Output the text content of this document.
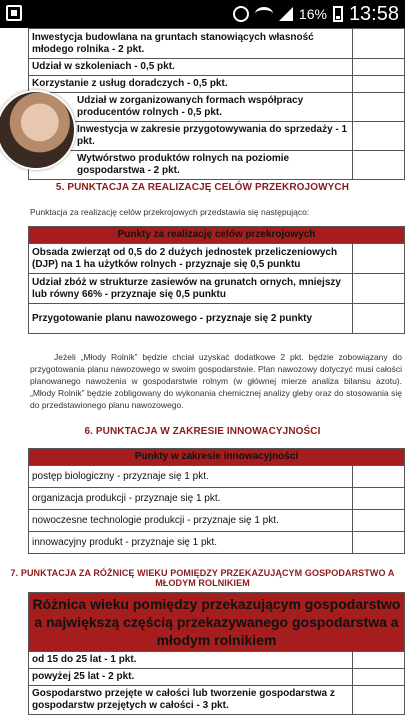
16% 13:58
Inwestycja budowlana na gruntach stanowiących własność młodego rolnika - 2 pkt.	
Udział w szkoleniach - 0,5 pkt.	
Korzystanie z usług doradczych - 0,5 pkt.	
Udział w zorganizowanych formach współpracy producentów rolnych - 0,5 pkt.	
Inwestycja w zakresie przygotowywania do sprzedaży - 1 pkt.	
Wytwórstwo produktów rolnych na poziomie gospodarstwa - 2 pkt.	
5. PUNKTACJA ZA REALIZACJĘ CELÓW PRZEKROJOWYCH
Punktacja za realizację celów przekrojowych przedstawia się następująco:
Punkty za realizację celów przekrojowych	
Obsada zwierząt od 0,5 do 2 dużych jednostek przeliczeniowych (DJP) na 1 ha użytków rolnych - przyznaje się 0,5 punktu	
Udział zbóż w strukturze zasiewów na grunatch ornych, mniejszy lub równy 66% - przyznaje się 0,5 punktu	
Przygotowanie planu nawozowego - przyznaje się 2 punkty	
Jeżeli „Młody Rolnik” będzie chciał uzyskać dodatkowe 2 pkt. będzie zobowiązany do przygotowania planu nawozowego w swoim gospodarstwie. Plan nawozowy dotyczyć musi całości planowanego nawożenia w gospodarstwie rolnym (w głównej mierze analiza bilansu azotu). „Młody Rolnik” będzie zobligowany do wykonania chemicznej analizy gleby oraz do stosowania się do przedstawionego planu nawozowego.
6. PUNKTACJA W ZAKRESIE INNOWACYJNOŚCI
Punkty w zakresie innowacyjności	
postęp biologiczny - przyznaje się 1 pkt.	
organizacja produkcji - przyznaje się 1 pkt.	
nowoczesne technologie produkcji - przyznaje się 1 pkt.	
innowacyjny produkt - przyznaje się 1 pkt.	
7. PUNKTACJA ZA RÓŻNICĘ WIEKU POMIĘDZY PRZEKAZUJĄCYM GOSPODARSTWO A MŁODYM ROLNIKIEM
Różnica wieku pomiędzy przekazującym gospodarstwo a największą częścią przekazywanego gospodarstwa a młodym rolnikiem	
od 15 do 25 lat - 1 pkt.	
powyżej 25 lat - 2 pkt.	
Gospodarstwo przejęte w całości lub tworzenie gospodarstwa z gospodarstw przejętych w całości - 3 pkt.	
